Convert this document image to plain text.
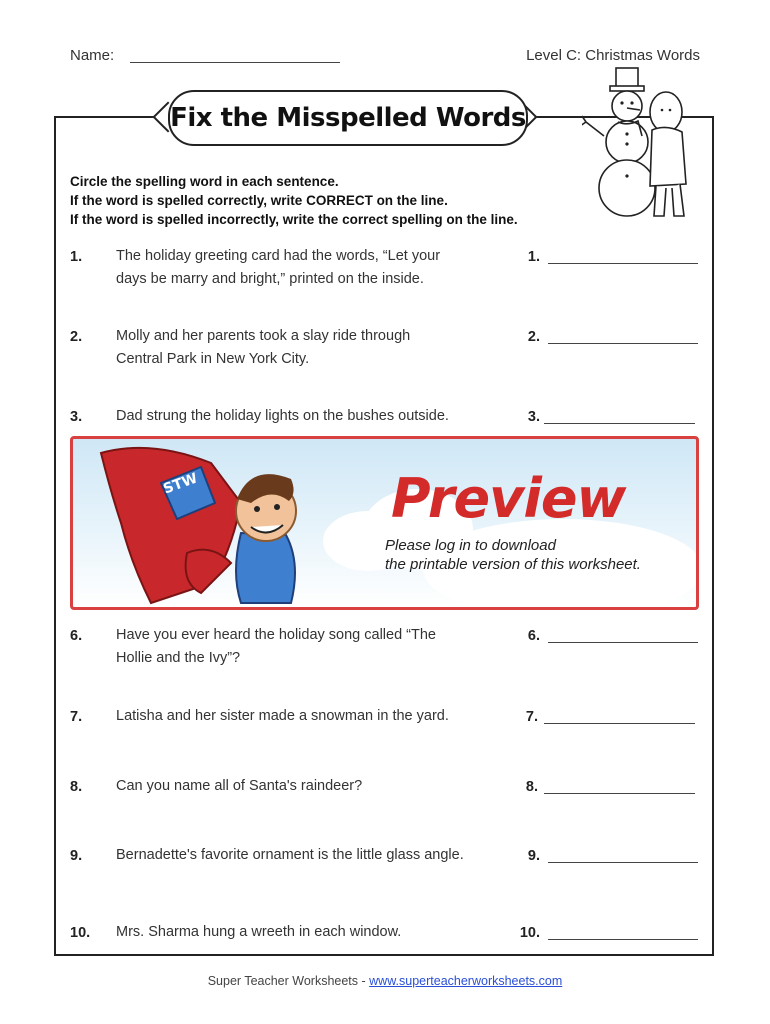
Name:	Level C: Christmas Words
Fix the Misspelled Words
Circle the spelling word in each sentence.
If the word is spelled correctly, write CORRECT on the line.
If the word is spelled incorrectly, write the correct spelling on the line.
1. The holiday greeting card had the words, “Let your
days be marry and bright,” printed on the inside.
1.
2. Molly and her parents took a slay ride through
Central Park in New York City.
2.
3. Dad strung the holiday lights on the bushes outside.	3.
STW	Preview
Please log in to download
the printable version of this worksheet.
6. Have you ever heard the holiday song called “The
Hollie and the Ivy”?
6.
7. Latisha and her sister made a snowman in the yard.	7.
8. Can you name all of Santa's raindeer?	8.
9. Bernadette's favorite ornament is the little glass angle.	9.
10. Mrs. Sharma hung a wreeth in each window.	10.
Super Teacher Worksheets - www.superteacherworksheets.com
